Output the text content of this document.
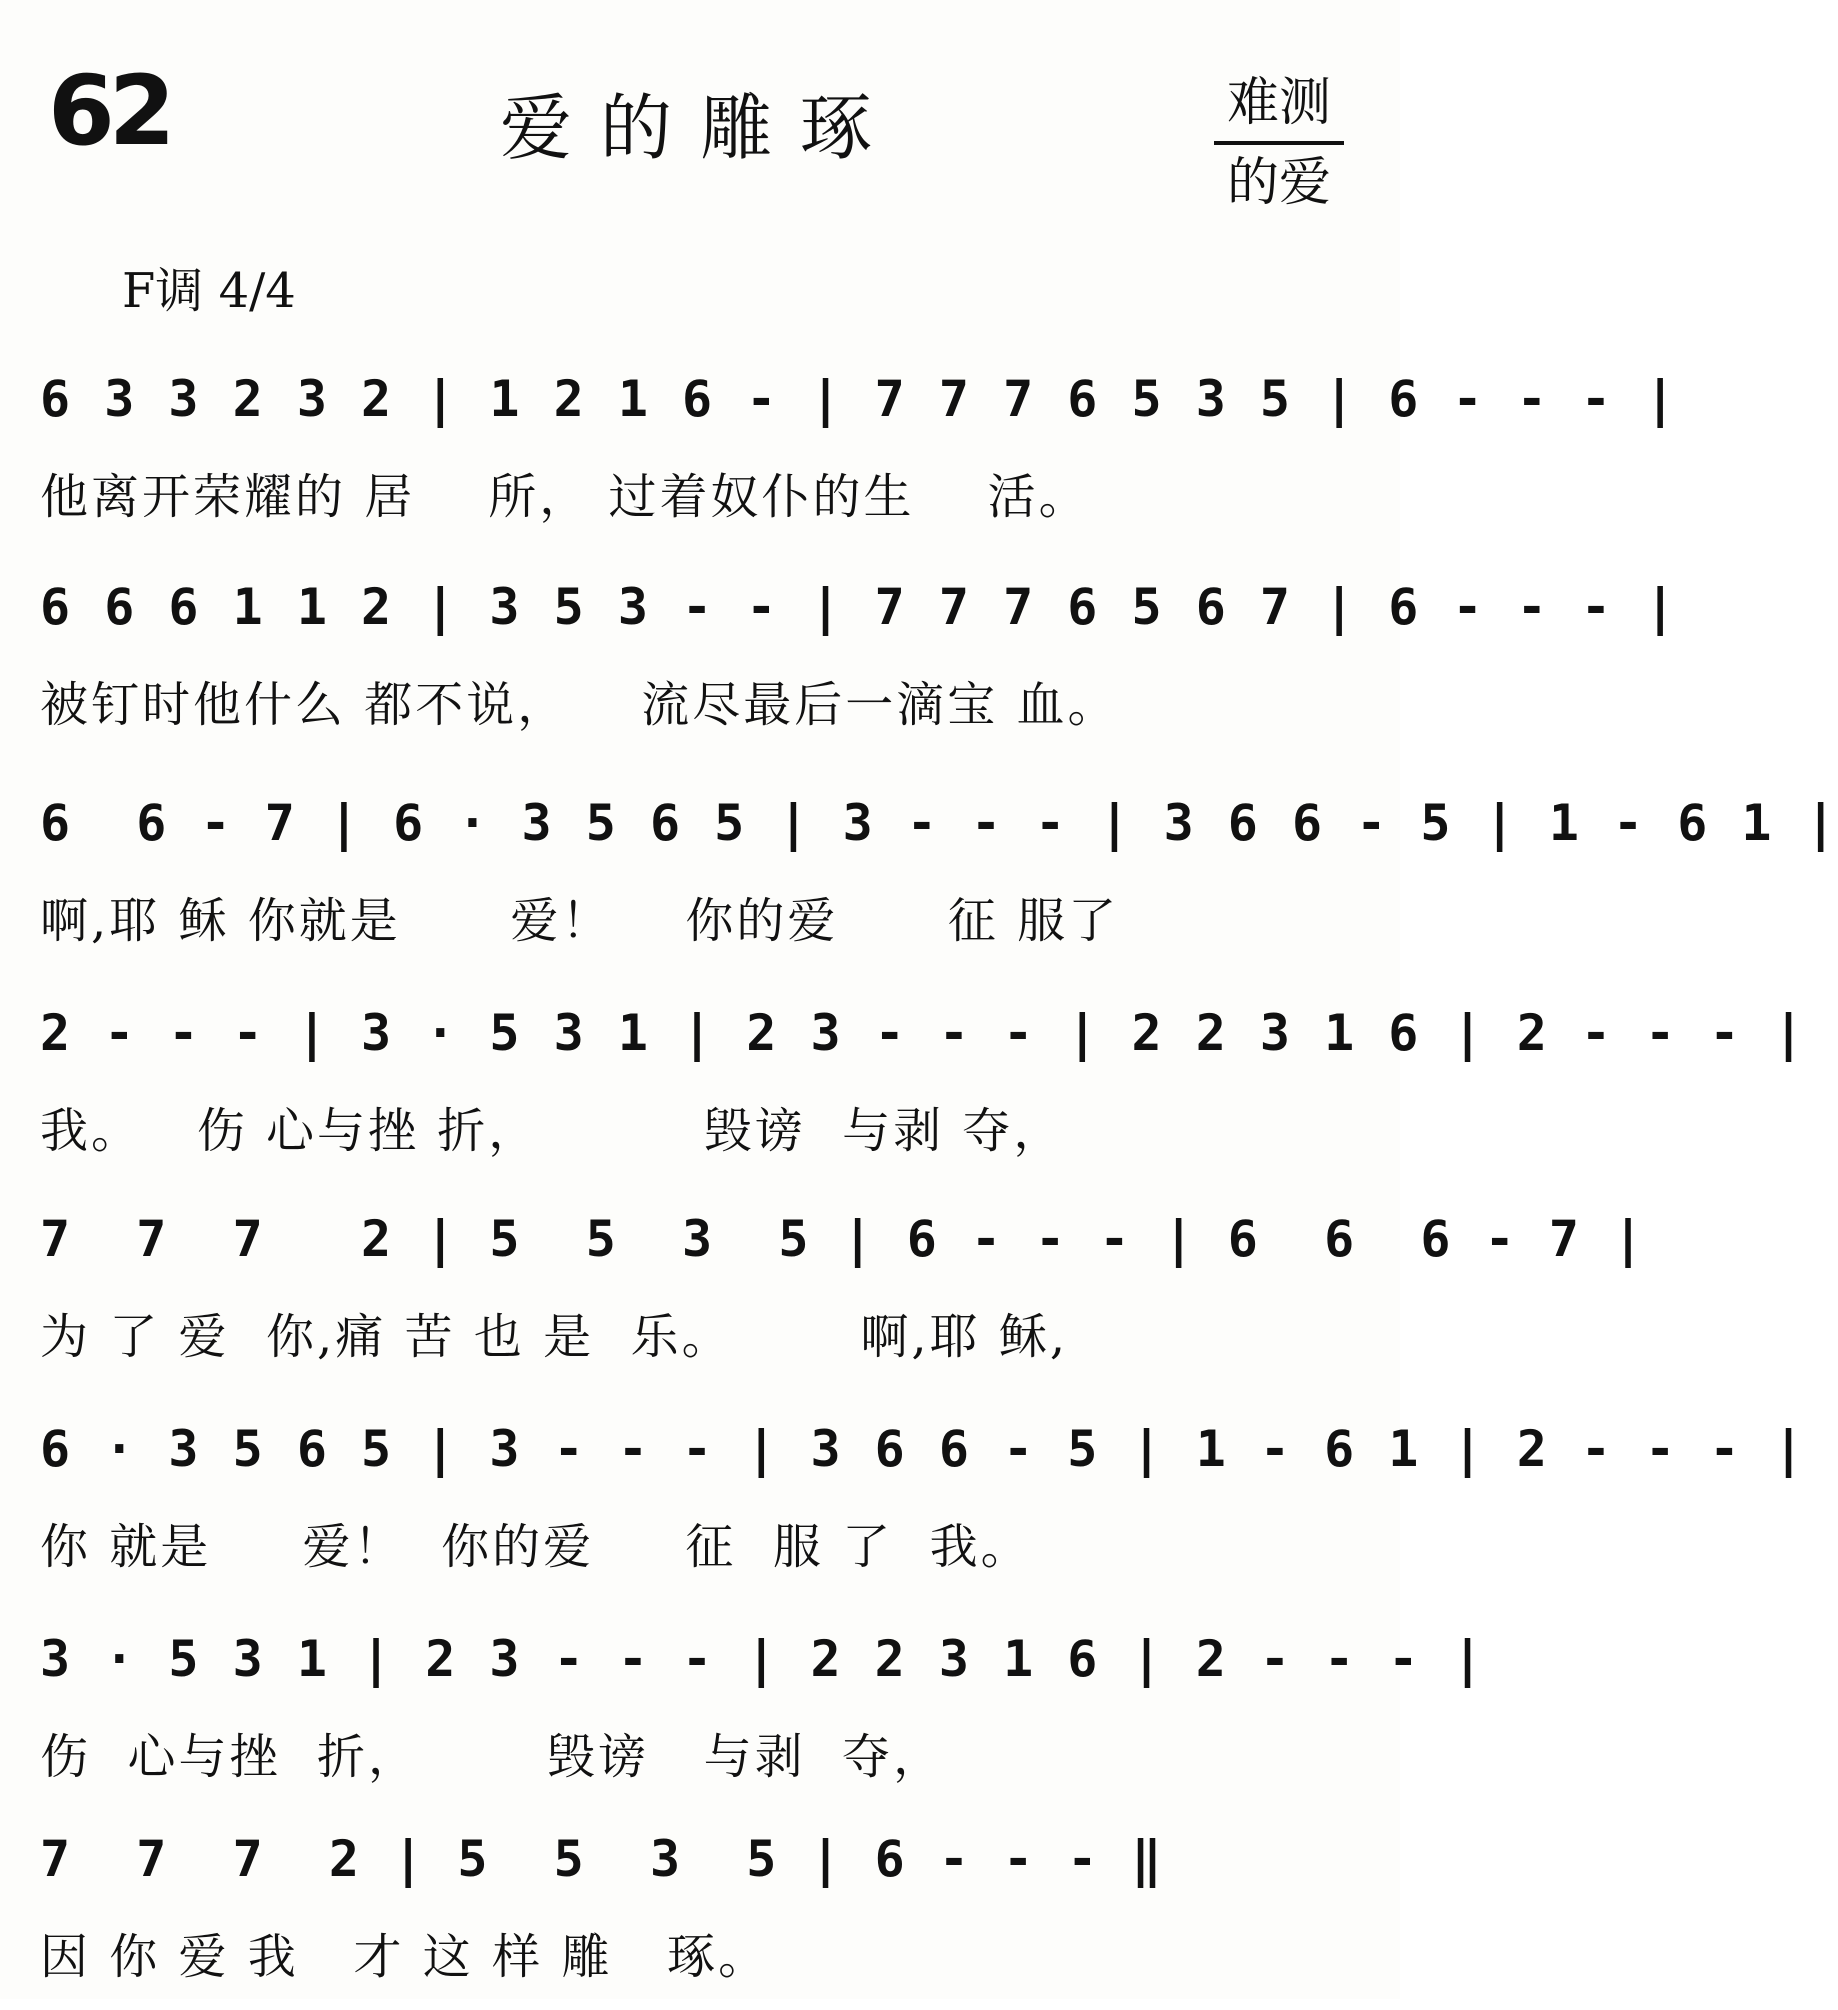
62	爱的雕琢	难测
的爱
F调 4/4
6 3 3 2 3 2 | 1 2 1 6 - | 7 7 7 6 5 3 5 | 6 - - - |
他离开荣耀的 居    所， 过着奴仆的生    活。
6 6 6 1 1 2 | 3 5 3 - - | 7 7 7 6 5 6 7 | 6 - - - |
被钉时他什么 都不说，    流尽最后一滴宝 血。
6  6 - 7 | 6 · 3 5 6 5 | 3 - - - | 3 6 6 - 5 | 1 - 6 1 |
啊,耶 稣 你就是      爱！    你的爱      征 服了
2 - - - | 3 · 5 3 1 | 2 3 - - - | 2 2 3 1 6 | 2 - - - |
我。   伤 心与挫 折，         毁谤  与剥 夺，
7  7  7   2 | 5  5  3  5 | 6 - - - | 6  6  6 - 7 |
为 了 爱  你,痛 苦 也 是  乐。       啊,耶 稣,
6 · 3 5 6 5 | 3 - - - | 3 6 6 - 5 | 1 - 6 1 | 2 - - - |
你 就是     爱！  你的爱     征  服 了  我。
3 · 5 3 1 | 2 3 - - - | 2 2 3 1 6 | 2 - - - |
伤  心与挫  折，       毁谤   与剥  夺，
7  7  7  2 | 5  5  3  5 | 6 - - - ‖
因 你 爱 我   才 这 样 雕   琢。
